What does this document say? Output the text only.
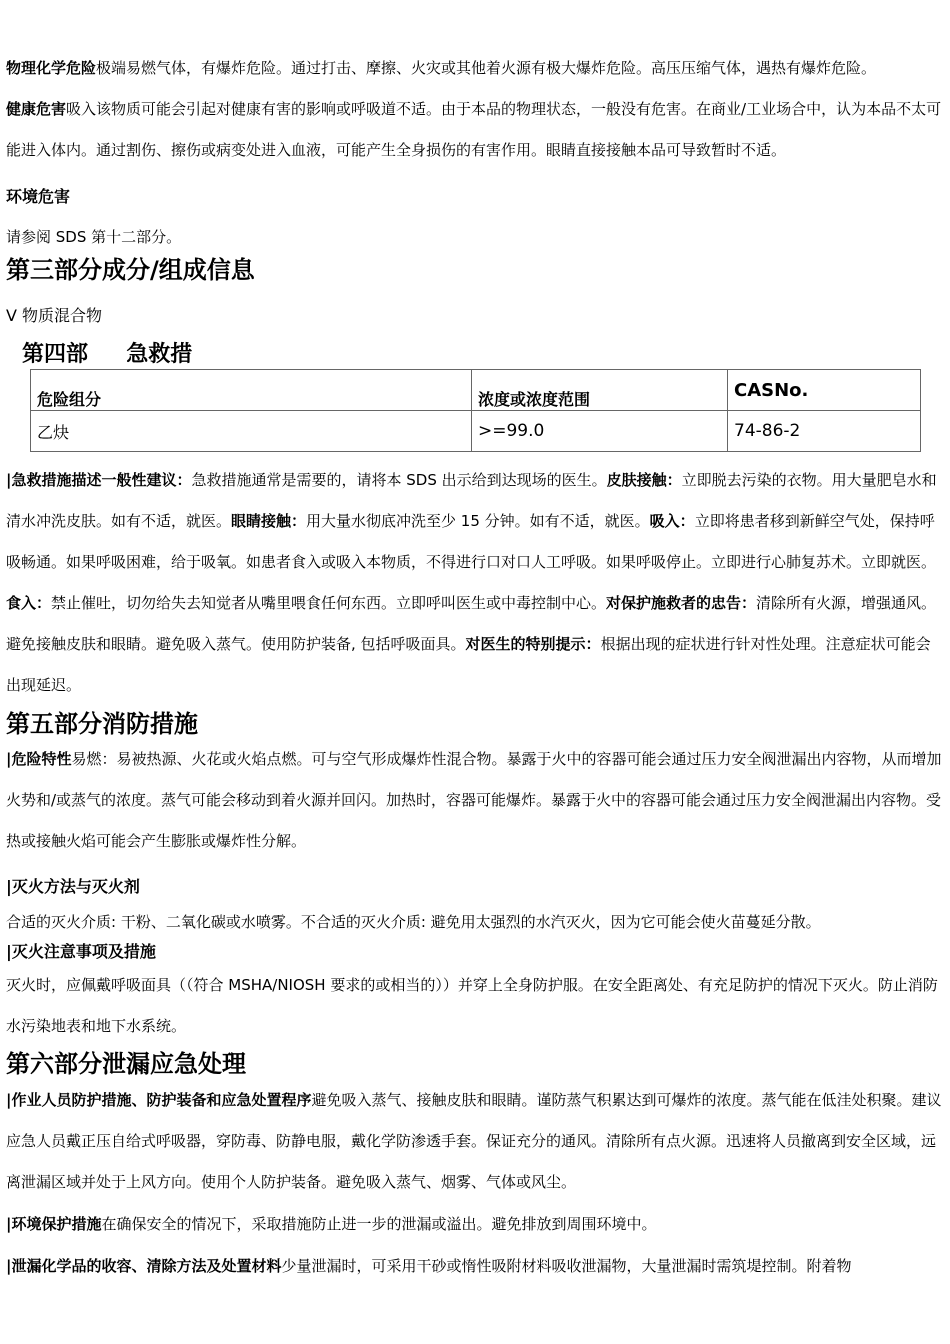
物理化学危险极端易燃气体，有爆炸危险。通过打击、摩擦、火灾或其他着火源有极大爆炸危险。高压压缩气体，遇热有爆炸危险。

健康危害吸入该物质可能会引起对健康有害的影响或呼吸道不适。由于本品的物理状态，一般没有危害。在商业/工业场合中，认为本品不太可能进入体内。通过割伤、擦伤或病变处进入血液，可能产生全身损伤的有害作用。眼睛直接接触本品可导致暂时不适。

环境危害

请参阅 SDS 第十二部分。

第三部分成分/组成信息

V 物质混合物

第四部     急救措
危险组分	浓度或浓度范围	CASNo.
乙炔	>=99.0	74-86-2

|急救措施描述一般性建议：急救措施通常是需要的，请将本 SDS 出示给到达现场的医生。皮肤接触：立即脱去污染的衣物。用大量肥皂水和清水冲洗皮肤。如有不适，就医。眼睛接触：用大量水彻底冲洗至少 15 分钟。如有不适，就医。吸入：立即将患者移到新鲜空气处，保持呼吸畅通。如果呼吸困难，给于吸氧。如患者食入或吸入本物质，不得进行口对口人工呼吸。如果呼吸停止。立即进行心肺复苏术。立即就医。食入：禁止催吐，切勿给失去知觉者从嘴里喂食任何东西。立即呼叫医生或中毒控制中心。对保护施救者的忠告：清除所有火源，增强通风。避免接触皮肤和眼睛。避免吸入蒸气。使用防护装备, 包括呼吸面具。对医生的特别提示：根据出现的症状进行针对性处理。注意症状可能会出现延迟。

第五部分消防措施

|危险特性易燃：易被热源、火花或火焰点燃。可与空气形成爆炸性混合物。暴露于火中的容器可能会通过压力安全阀泄漏出内容物，从而增加火势和/或蒸气的浓度。蒸气可能会移动到着火源并回闪。加热时，容器可能爆炸。暴露于火中的容器可能会通过压力安全阀泄漏出内容物。受热或接触火焰可能会产生膨胀或爆炸性分解。

|灭火方法与灭火剂

合适的灭火介质: 干粉、二氧化碳或水喷雾。不合适的灭火介质: 避免用太强烈的水汽灭火，因为它可能会使火苗蔓延分散。

|灭火注意事项及措施

灭火时，应佩戴呼吸面具（（符合 MSHA/NIOSH 要求的或相当的））并穿上全身防护服。在安全距离处、有充足防护的情况下灭火。防止消防水污染地表和地下水系统。

第六部分泄漏应急处理

|作业人员防护措施、防护装备和应急处置程序避免吸入蒸气、接触皮肤和眼睛。谨防蒸气积累达到可爆炸的浓度。蒸气能在低洼处积聚。建议应急人员戴正压自给式呼吸器，穿防毒、防静电服，戴化学防渗透手套。保证充分的通风。清除所有点火源。迅速将人员撤离到安全区域，远离泄漏区域并处于上风方向。使用个人防护装备。避免吸入蒸气、烟雾、气体或风尘。

|环境保护措施在确保安全的情况下，采取措施防止进一步的泄漏或溢出。避免排放到周围环境中。

|泄漏化学品的收容、清除方法及处置材料少量泄漏时，可采用干砂或惰性吸附材料吸收泄漏物，大量泄漏时需筑堤控制。附着物
